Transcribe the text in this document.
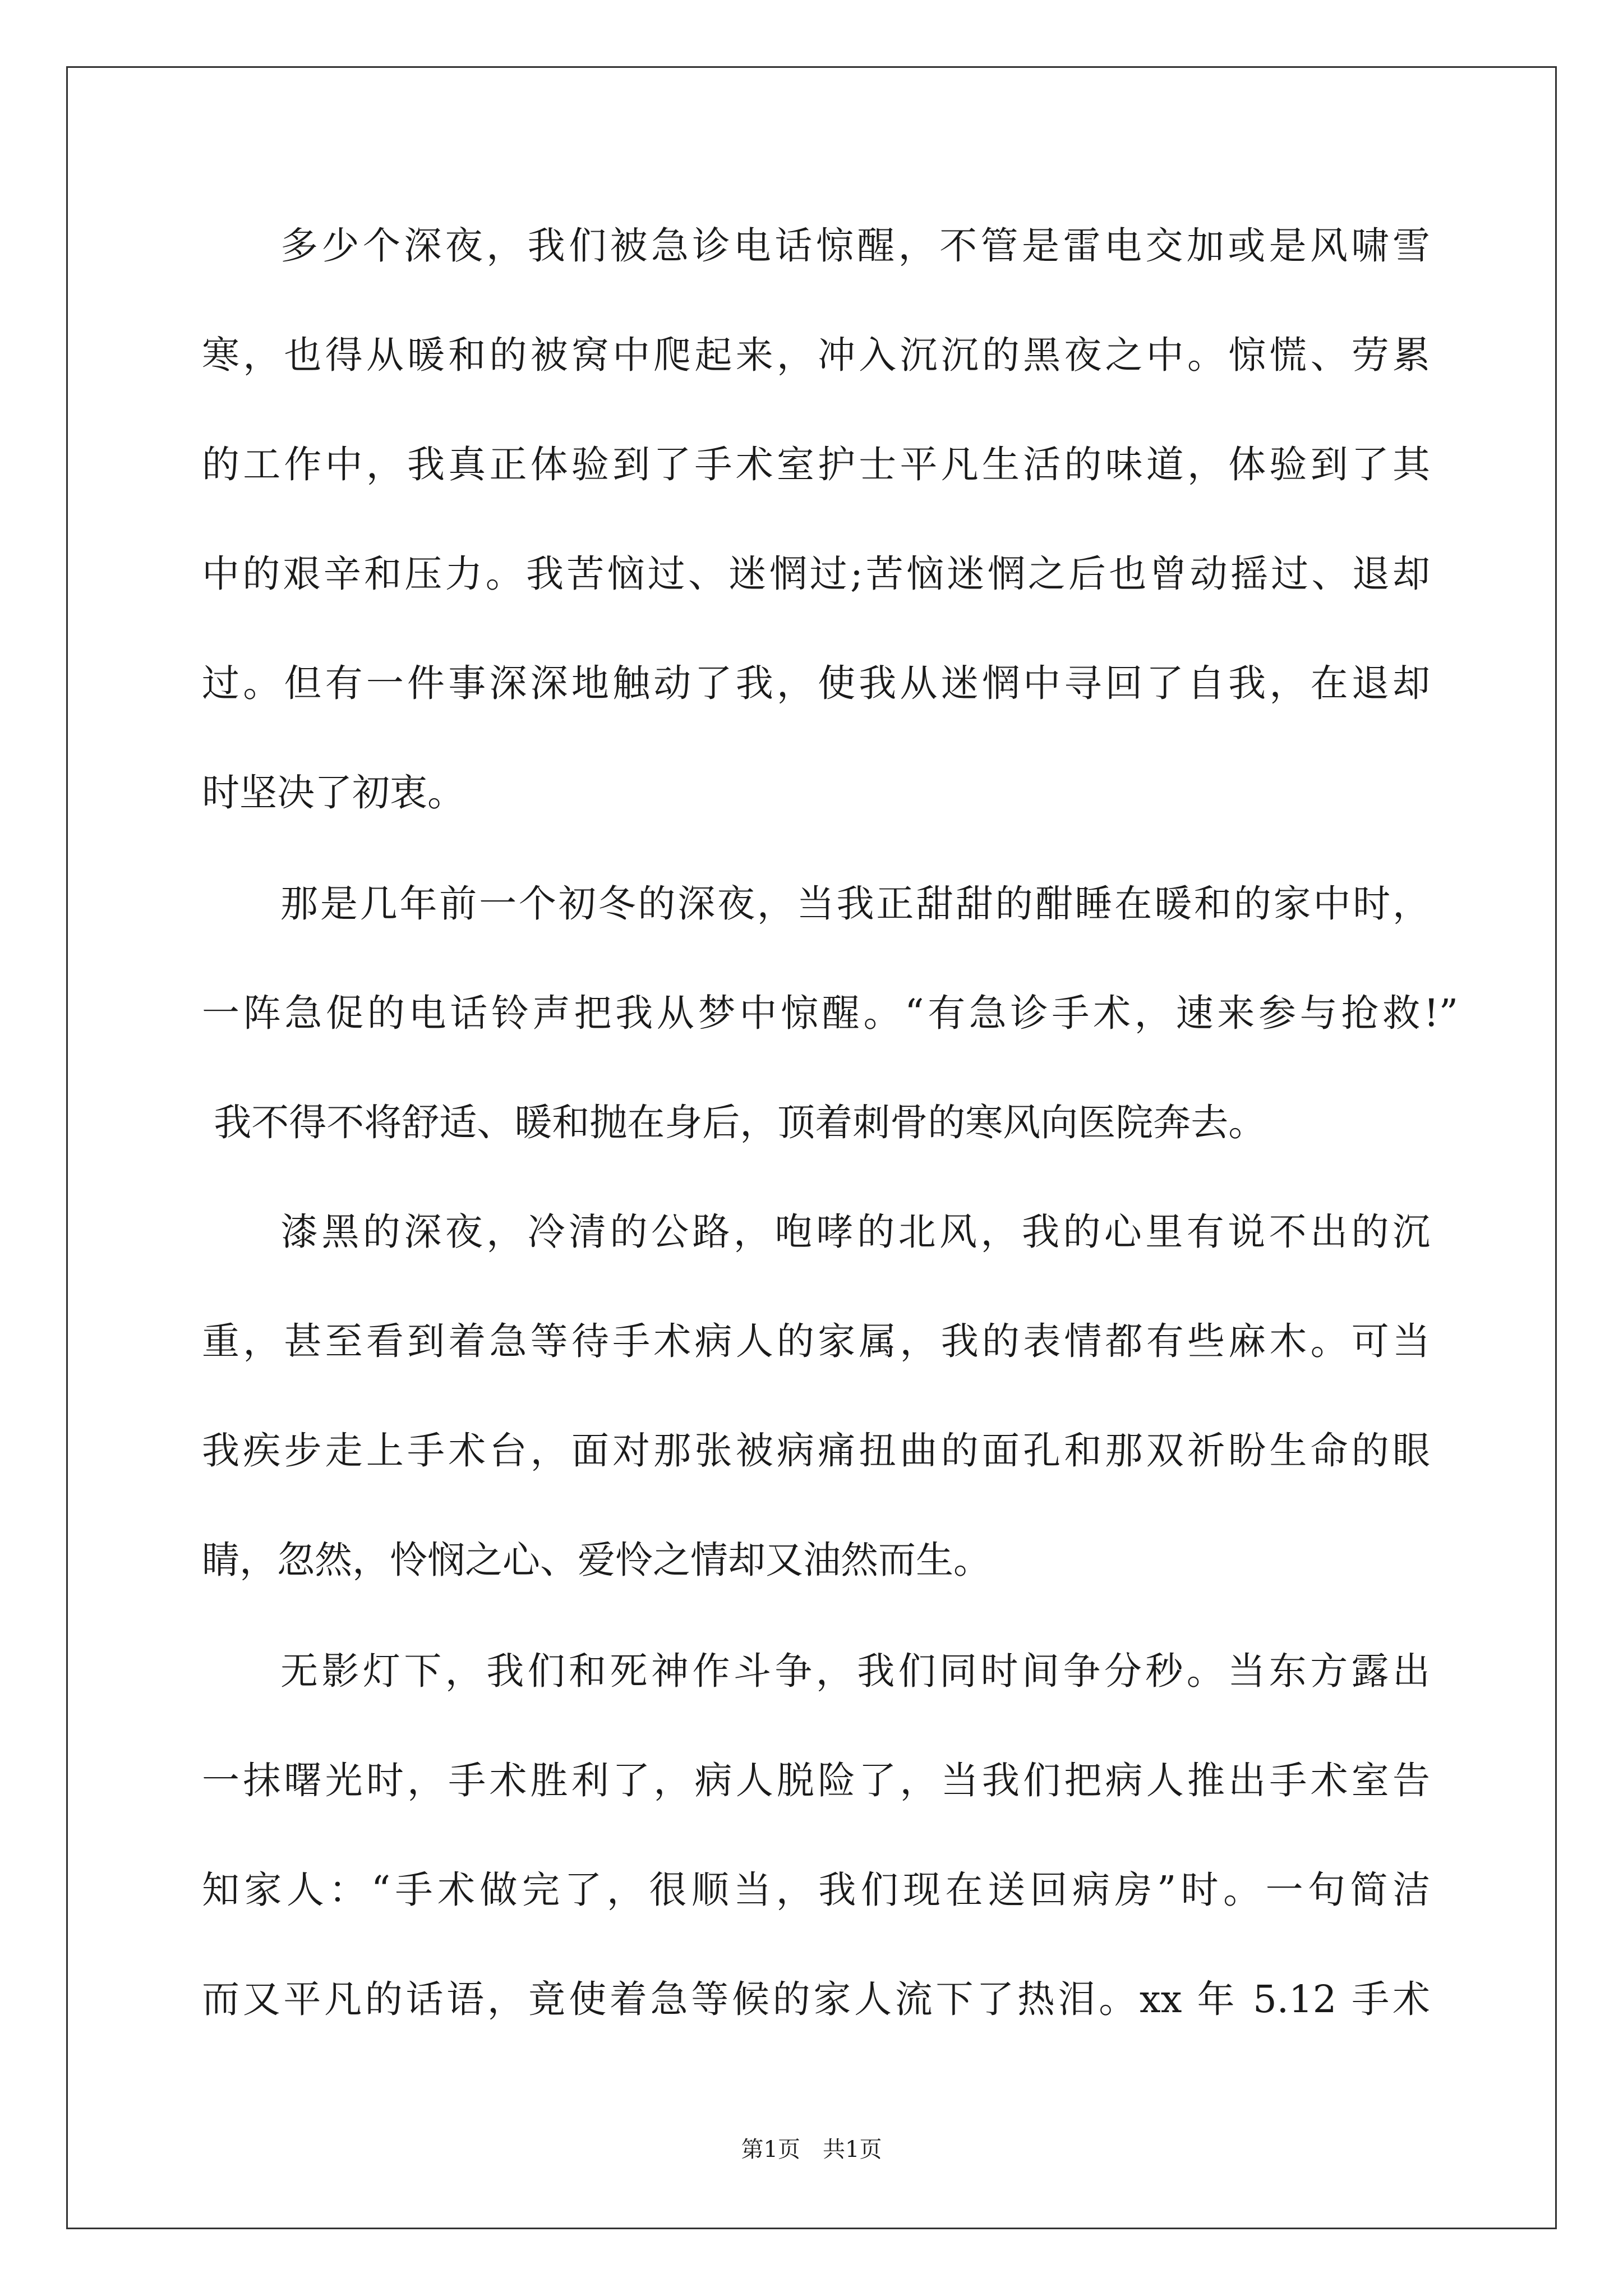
多少个深夜，我们被急诊电话惊醒，不管是雷电交加或是风啸雪
寒，也得从暖和的被窝中爬起来，冲入沉沉的黑夜之中。惊慌、劳累
的工作中，我真正体验到了手术室护士平凡生活的味道，体验到了其
中的艰辛和压力。我苦恼过、迷惘过;苦恼迷惘之后也曾动摇过、退却
过。但有一件事深深地触动了我，使我从迷惘中寻回了自我，在退却
时坚决了初衷。
那是几年前一个初冬的深夜，当我正甜甜的酣睡在暖和的家中时，
一阵急促的电话铃声把我从梦中惊醒。“有急诊手术，速来参与抢救!”
我不得不将舒适、暖和抛在身后，顶着刺骨的寒风向医院奔去。
漆黑的深夜，冷清的公路，咆哮的北风，我的心里有说不出的沉
重，甚至看到着急等待手术病人的家属，我的表情都有些麻木。可当
我疾步走上手术台，面对那张被病痛扭曲的面孔和那双祈盼生命的眼
睛，忽然，怜悯之心、爱怜之情却又油然而生。
无影灯下，我们和死神作斗争，我们同时间争分秒。当东方露出
一抹曙光时，手术胜利了，病人脱险了，当我们把病人推出手术室告
知家人：“手术做完了，很顺当，我们现在送回病房”时。一句简洁
而又平凡的话语，竟使着急等候的家人流下了热泪。xx 年 5.12 手术
第1页　共1页
